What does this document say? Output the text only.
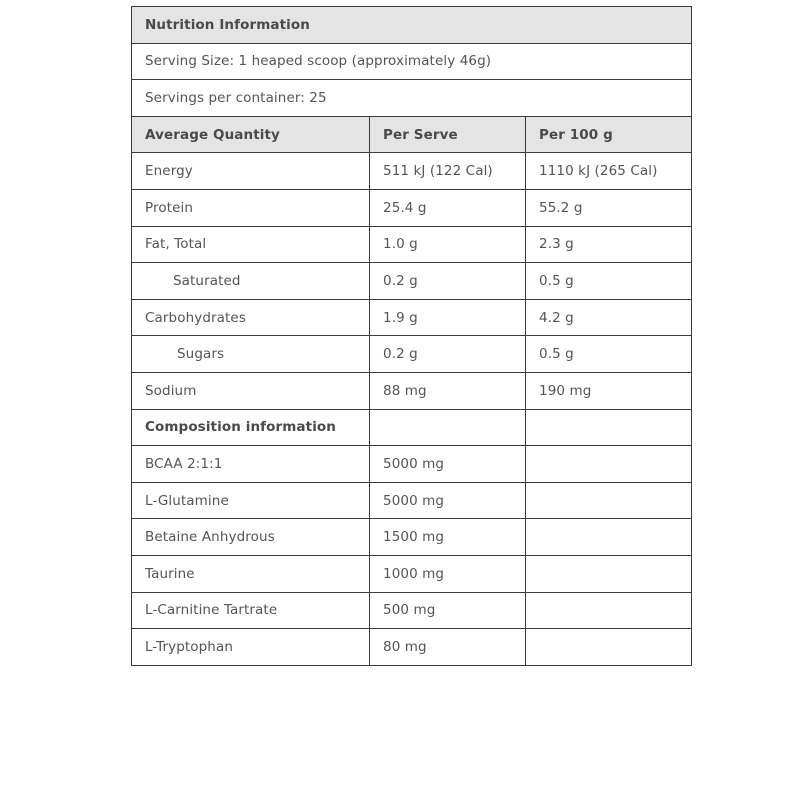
Nutrition Information		
Serving Size: 1 heaped scoop (approximately 46g)		
Servings per container: 25		
Average Quantity	Per Serve	Per 100 g
Energy	511 kJ (122 Cal)	1110 kJ (265 Cal)
Protein	25.4 g	55.2 g
Fat, Total	1.0 g	2.3 g
Saturated	0.2 g	0.5 g
Carbohydrates	1.9 g	4.2 g
Sugars	0.2 g	0.5 g
Sodium	88 mg	190 mg
Composition information		
BCAA 2:1:1	5000 mg	
L-Glutamine	5000 mg	
Betaine Anhydrous	1500 mg	
Taurine	1000 mg	
L-Carnitine Tartrate	500 mg	
L-Tryptophan	80 mg	
